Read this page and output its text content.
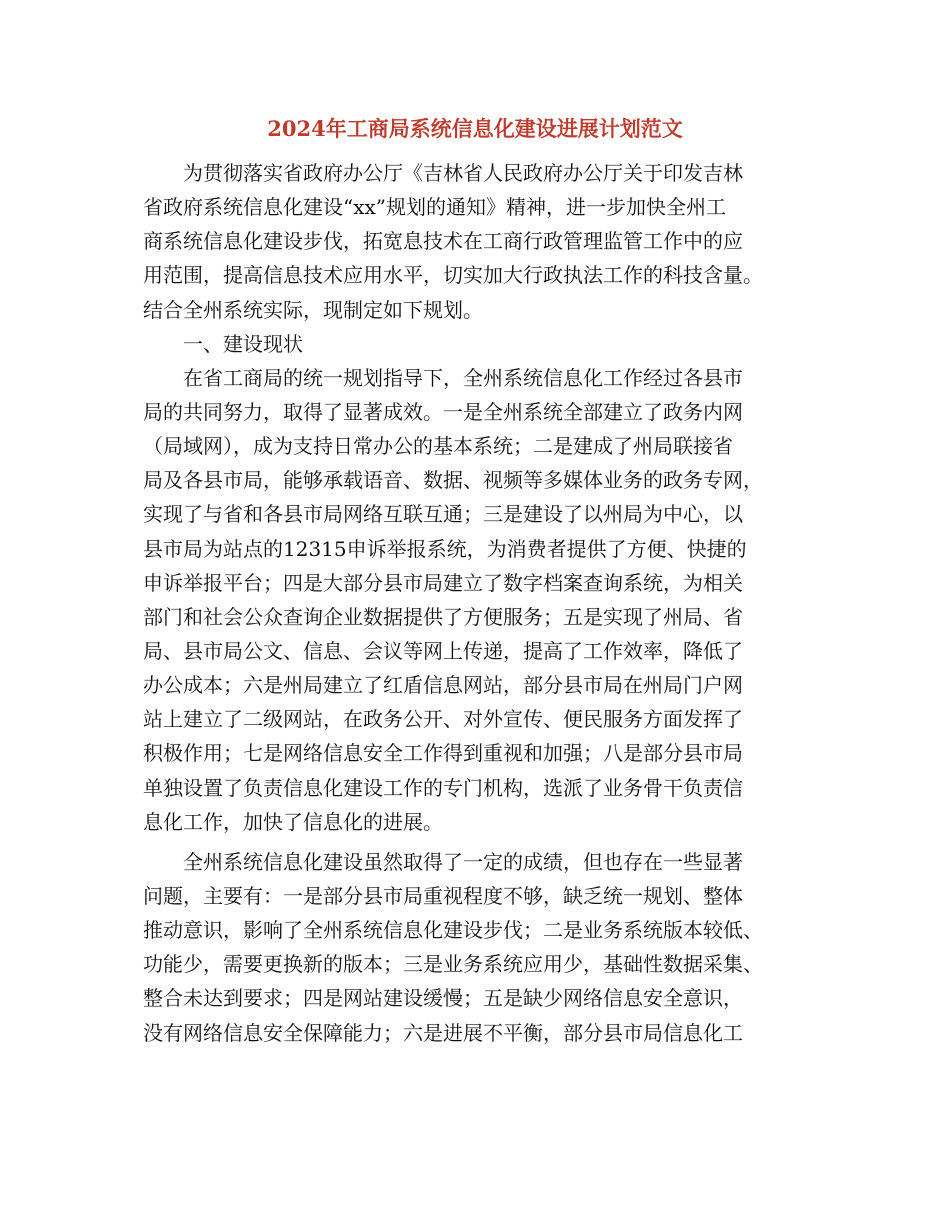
2024年工商局系统信息化建设进展计划范文
为贯彻落实省政府办公厅《吉林省人民政府办公厅关于印发吉林
省政府系统信息化建设“xx”规划的通知》精神，进一步加快全州工
商系统信息化建设步伐，拓宽息技术在工商行政管理监管工作中的应
用范围，提高信息技术应用水平，切实加大行政执法工作的科技含量。
结合全州系统实际，现制定如下规划。
一、建设现状
在省工商局的统一规划指导下，全州系统信息化工作经过各县市
局的共同努力，取得了显著成效。一是全州系统全部建立了政务内网
（局域网），成为支持日常办公的基本系统；二是建成了州局联接省
局及各县市局，能够承载语音、数据、视频等多媒体业务的政务专网，
实现了与省和各县市局网络互联互通；三是建设了以州局为中心，以
县市局为站点的12315申诉举报系统，为消费者提供了方便、快捷的
申诉举报平台；四是大部分县市局建立了数字档案查询系统，为相关
部门和社会公众查询企业数据提供了方便服务；五是实现了州局、省
局、县市局公文、信息、会议等网上传递，提高了工作效率，降低了
办公成本；六是州局建立了红盾信息网站，部分县市局在州局门户网
站上建立了二级网站，在政务公开、对外宣传、便民服务方面发挥了
积极作用；七是网络信息安全工作得到重视和加强；八是部分县市局
单独设置了负责信息化建设工作的专门机构，选派了业务骨干负责信
息化工作，加快了信息化的进展。
全州系统信息化建设虽然取得了一定的成绩，但也存在一些显著
问题，主要有：一是部分县市局重视程度不够，缺乏统一规划、整体
推动意识，影响了全州系统信息化建设步伐；二是业务系统版本较低、
功能少，需要更换新的版本；三是业务系统应用少，基础性数据采集、
整合未达到要求；四是网站建设缓慢；五是缺少网络信息安全意识，
没有网络信息安全保障能力；六是进展不平衡，部分县市局信息化工
